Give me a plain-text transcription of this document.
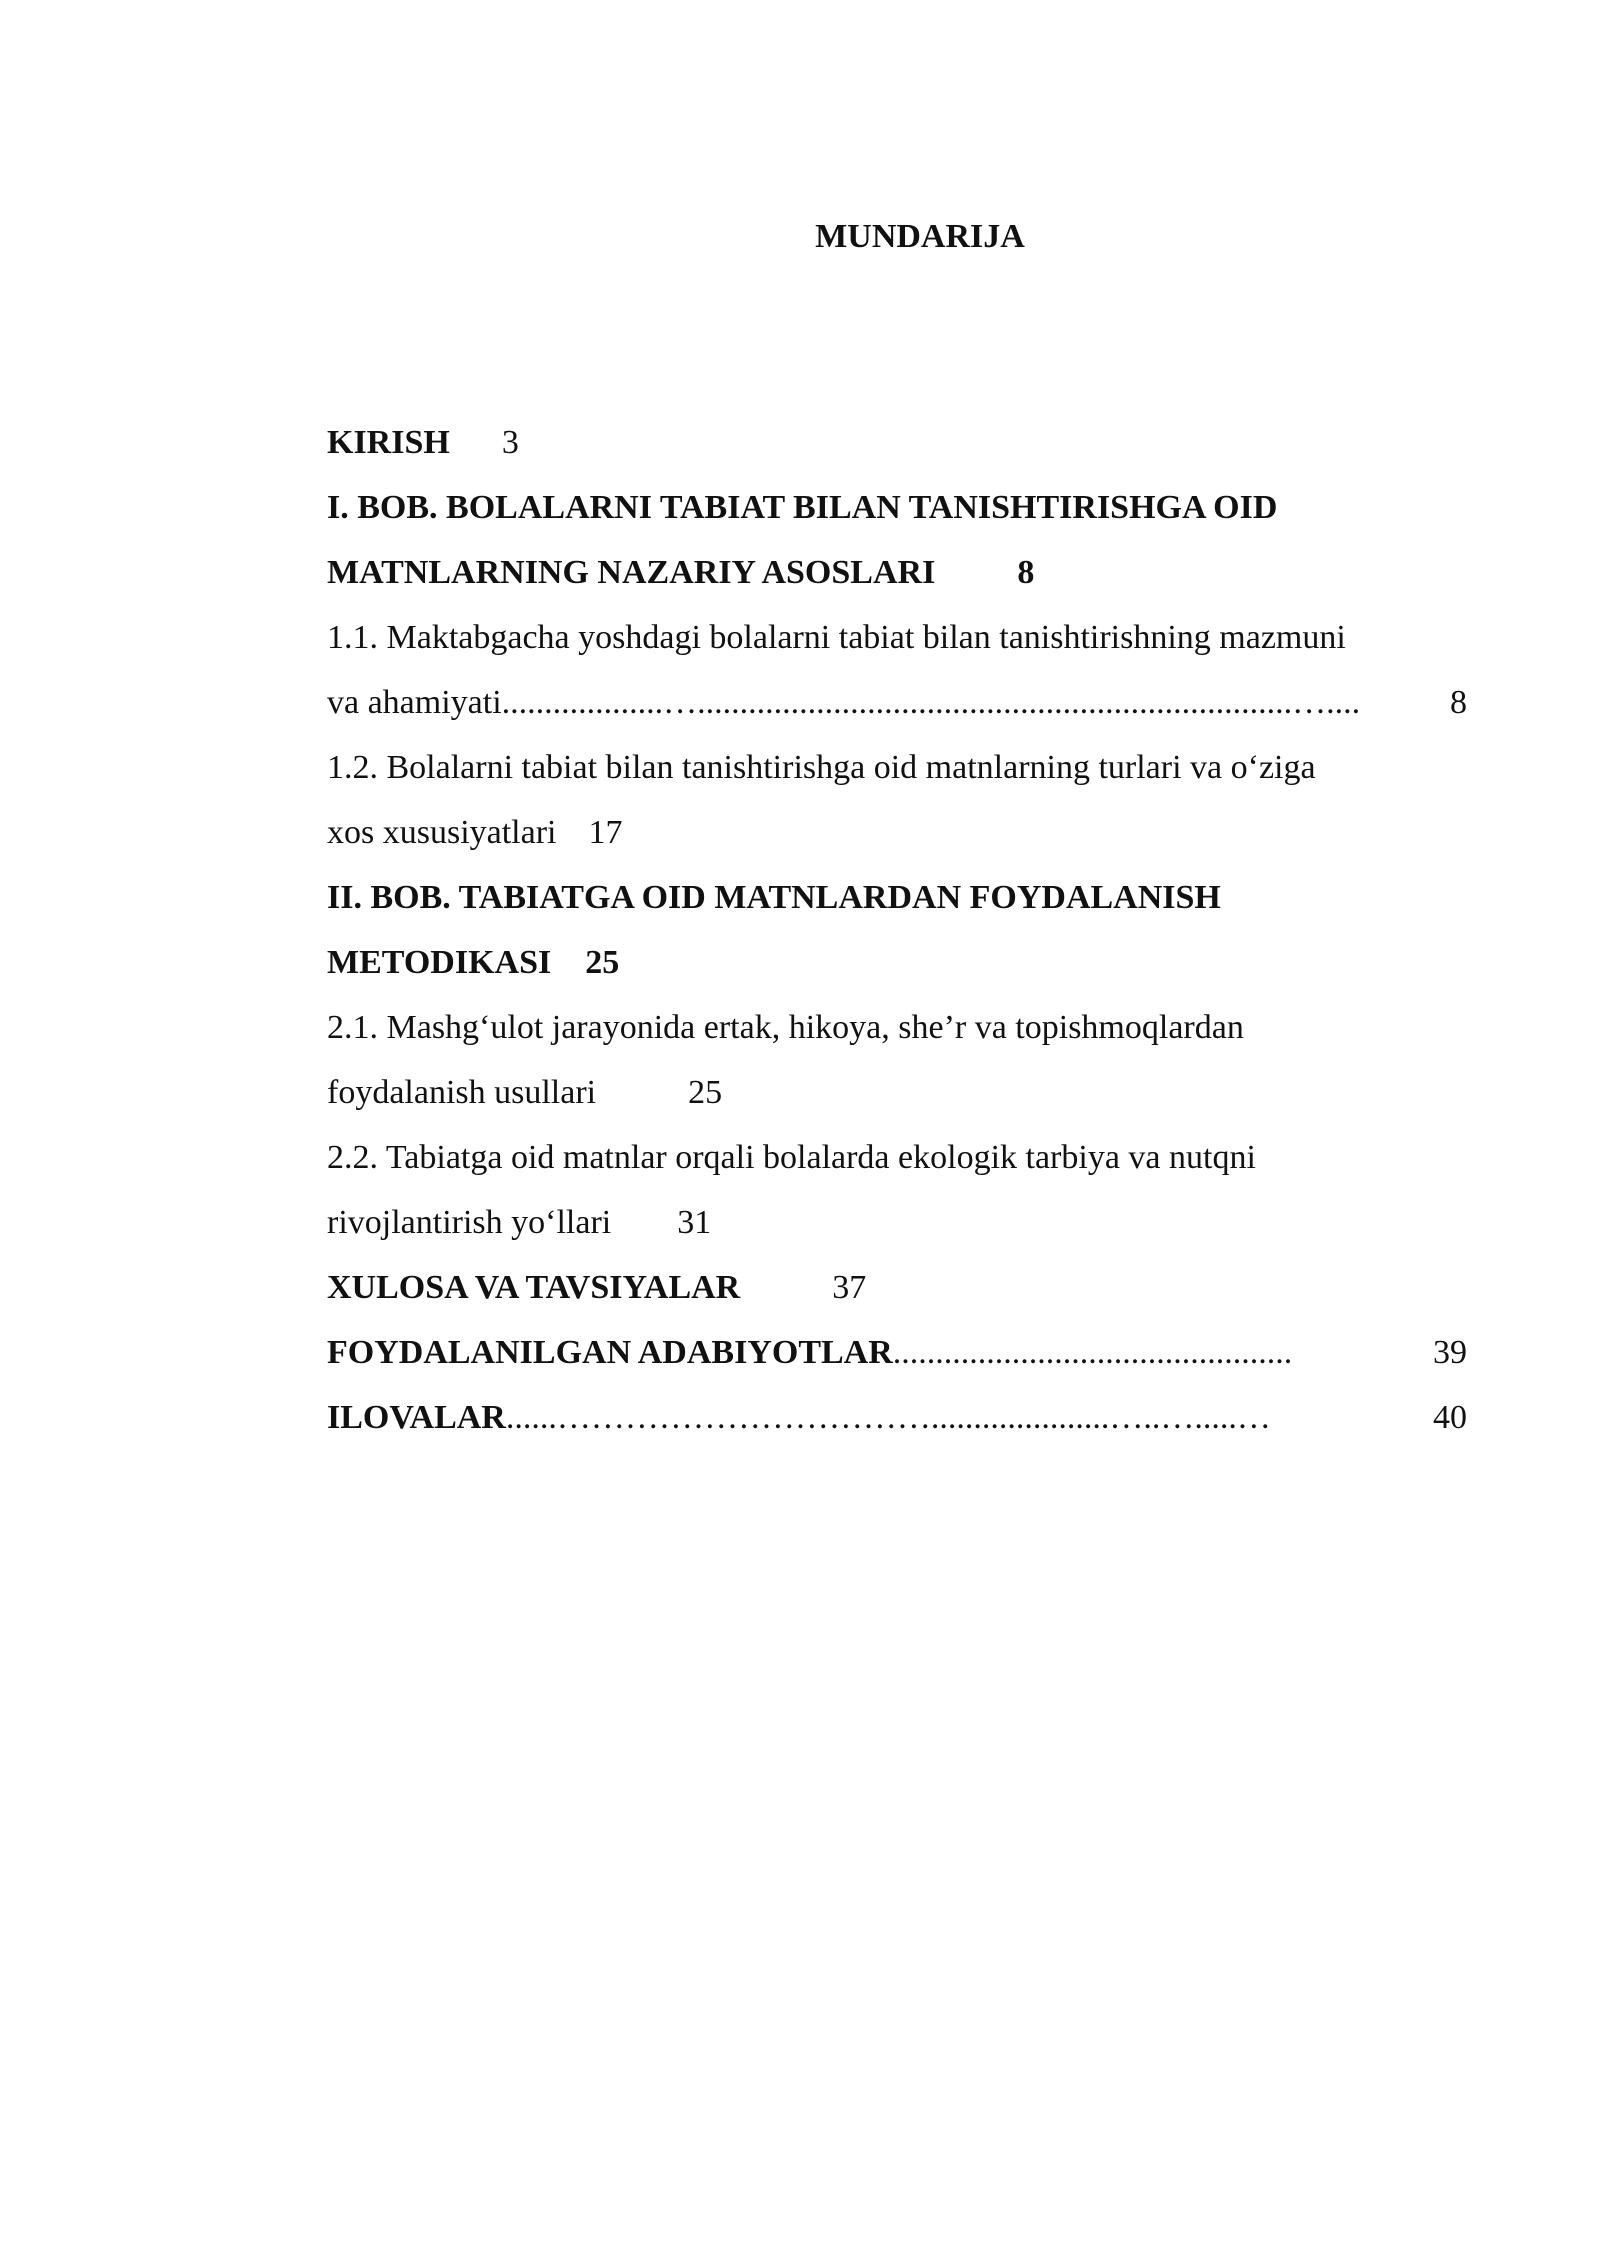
MUNDARIJA
KIRISH 3
I. BOB. BOLALARNI TABIAT BILAN TANISHTIRISHGA OID
MATNLARNING NAZARIY ASOSLARI 8
1.1. Maktabgacha yoshdagi bolalarni tabiat bilan tanishtirishning mazmuni
va ahamiyati ...................…......................................................................…....	8
1.2. Bolalarni tabiat bilan tanishtirishga oid matnlarning turlari va o‘ziga
xos xususiyatlari 17
II. BOB. TABIATGA OID MATNLARDAN FOYDALANISH
METODIKASI 25
2.1. Mashg‘ulot jarayonida ertak, hikoya, she’r va topishmoqlardan
foydalanish usullari	25
2.2. Tabiatga oid matnlar orqali bolalarda ekologik tarbiya va nutqni
rivojlantirish yo‘llari 31
XULOSA VA TAVSIYALAR	37
FOYDALANILGAN ADABIYOTLAR ...............................................	39
ILOVALAR ......…………………………….....................…..….....…	40
